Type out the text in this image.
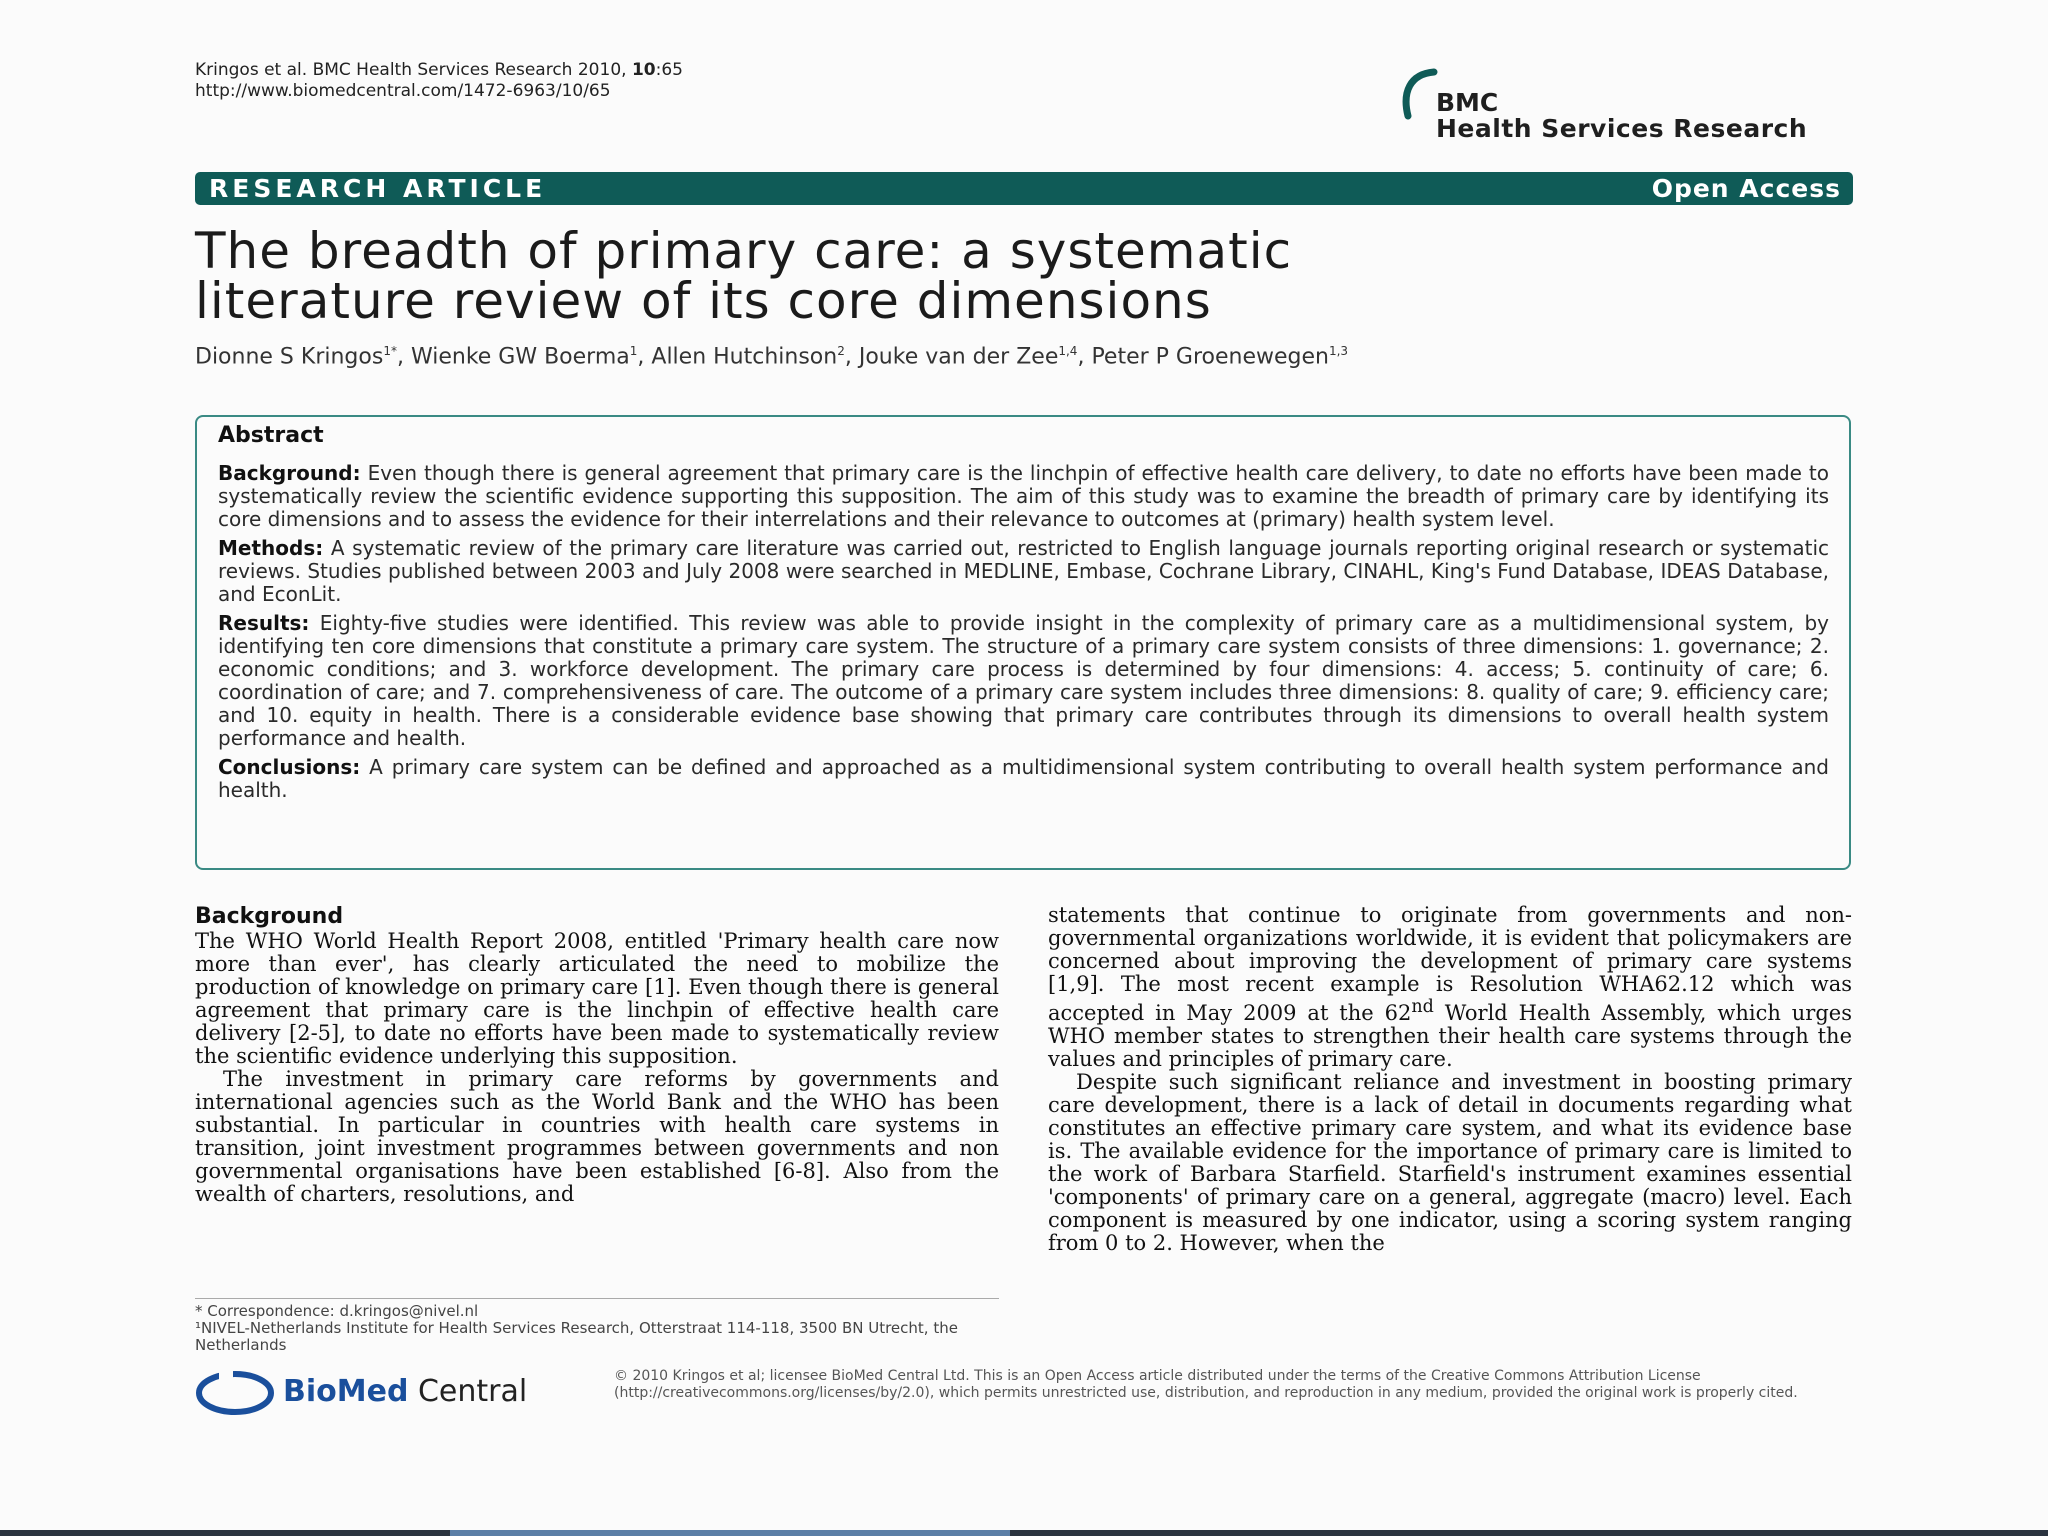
Kringos et al. BMC Health Services Research 2010, 10:65
http://www.biomedcentral.com/1472-6963/10/65	BMC
Health Services Research
RESEARCH ARTICLE	Open Access
The breadth of primary care: a systematic
literature review of its core dimensions
Dionne S Kringos$^{1*}$, Wienke GW Boerma$^1$, Allen Hutchinson$^2$, Jouke van der Zee$^{1,4}$, Peter P Groenewegen$^{1,3}$
Abstract

Background: Even though there is general agreement that primary care is the linchpin of effective health care delivery, to date no efforts have been made to systematically review the scientific evidence supporting this supposition. The aim of this study was to examine the breadth of primary care by identifying its core dimensions and to assess the evidence for their interrelations and their relevance to outcomes at (primary) health system level.

Methods: A systematic review of the primary care literature was carried out, restricted to English language journals reporting original research or systematic reviews. Studies published between 2003 and July 2008 were searched in MEDLINE, Embase, Cochrane Library, CINAHL, King's Fund Database, IDEAS Database, and EconLit.

Results: Eighty-five studies were identified. This review was able to provide insight in the complexity of primary care as a multidimensional system, by identifying ten core dimensions that constitute a primary care system. The structure of a primary care system consists of three dimensions: 1. governance; 2. economic conditions; and 3. workforce development. The primary care process is determined by four dimensions: 4. access; 5. continuity of care; 6. coordination of care; and 7. comprehensiveness of care. The outcome of a primary care system includes three dimensions: 8. quality of care; 9. efficiency care; and 10. equity in health. There is a considerable evidence base showing that primary care contributes through its dimensions to overall health system performance and health.

Conclusions: A primary care system can be defined and approached as a multidimensional system contributing to overall health system performance and health.

Background

The WHO World Health Report 2008, entitled 'Primary health care now more than ever', has clearly articulated the need to mobilize the production of knowledge on primary care [1]. Even though there is general agreement that primary care is the linchpin of effective health care delivery [2-5], to date no efforts have been made to systematically review the scientific evidence underlying this supposition.

The investment in primary care reforms by governments and international agencies such as the World Bank and the WHO has been substantial. In particular in countries with health care systems in transition, joint investment programmes between governments and non governmental organisations have been established [6-8]. Also from the wealth of charters, resolutions, and

statements that continue to originate from governments and non-governmental organizations worldwide, it is evident that policymakers are concerned about improving the development of primary care systems [1,9]. The most recent example is Resolution WHA62.12 which was accepted in May 2009 at the 62nd World Health Assembly, which urges WHO member states to strengthen their health care systems through the values and principles of primary care.

Despite such significant reliance and investment in boosting primary care development, there is a lack of detail in documents regarding what constitutes an effective primary care system, and what its evidence base is. The available evidence for the importance of primary care is limited to the work of Barbara Starfield. Starfield's instrument examines essential 'components' of primary care on a general, aggregate (macro) level. Each component is measured by one indicator, using a scoring system ranging from 0 to 2. However, when the

* Correspondence: d.kringos@nivel.nl
¹NIVEL-Netherlands Institute for Health Services Research, Otterstraat 114-118, 3500 BN Utrecht, the Netherlands
BioMed Central	© 2010 Kringos et al; licensee BioMed Central Ltd. This is an Open Access article distributed under the terms of the Creative Commons Attribution License (http://creativecommons.org/licenses/by/2.0), which permits unrestricted use, distribution, and reproduction in any medium, provided the original work is properly cited.
